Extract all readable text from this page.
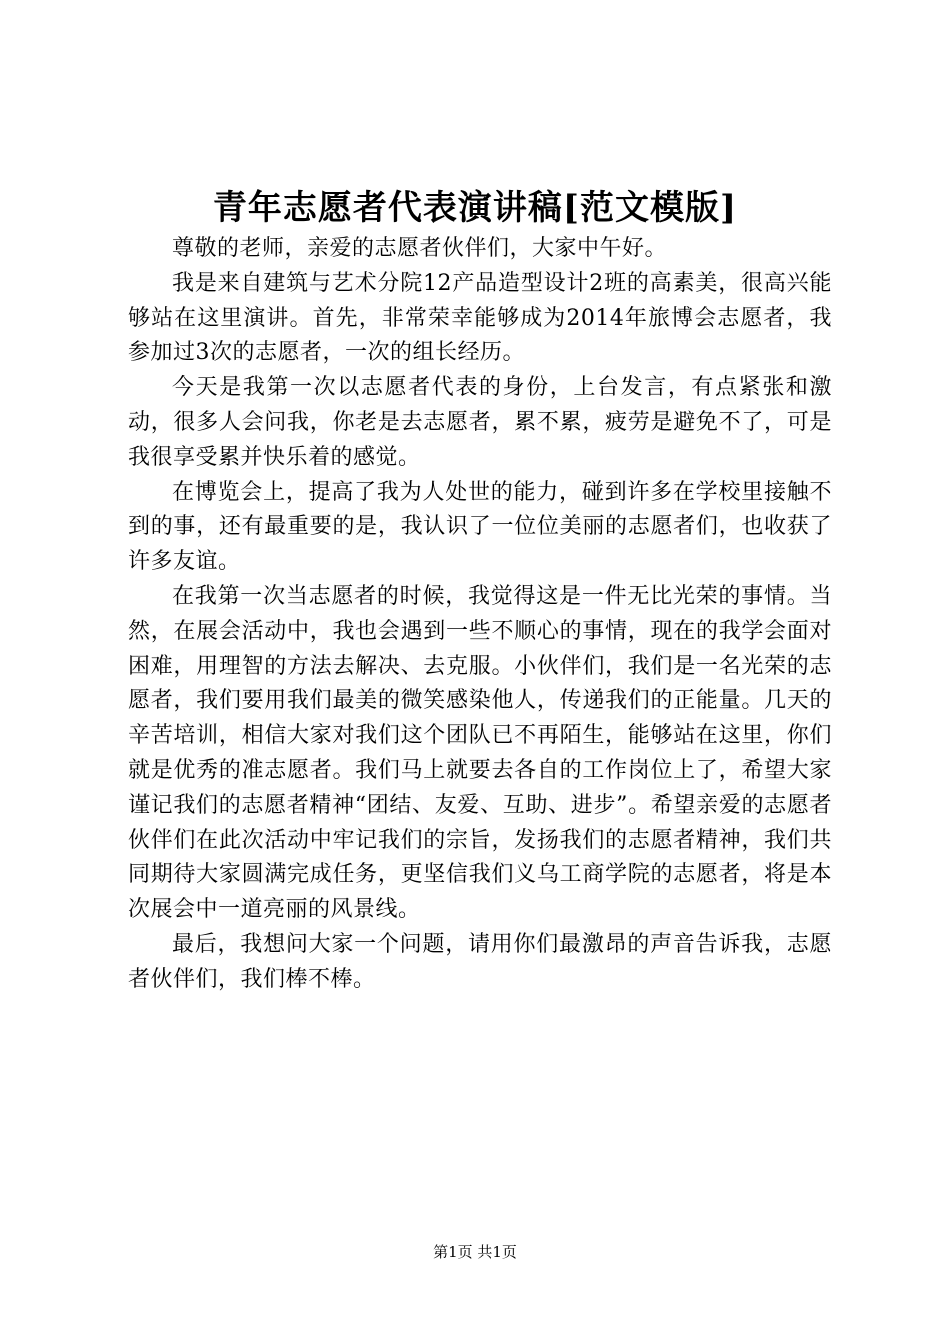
青年志愿者代表演讲稿[范文模版]

尊敬的老师，亲爱的志愿者伙伴们，大家中午好。

我是来自建筑与艺术分院12产品造型设计2班的高素美，很高兴能够站在这里演讲。首先，非常荣幸能够成为2014年旅博会志愿者，我参加过3次的志愿者，一次的组长经历。

今天是我第一次以志愿者代表的身份，上台发言，有点紧张和激动，很多人会问我，你老是去志愿者，累不累，疲劳是避免不了，可是我很享受累并快乐着的感觉。

在博览会上，提高了我为人处世的能力，碰到许多在学校里接触不到的事，还有最重要的是，我认识了一位位美丽的志愿者们，也收获了许多友谊。

在我第一次当志愿者的时候，我觉得这是一件无比光荣的事情。当然，在展会活动中，我也会遇到一些不顺心的事情，现在的我学会面对困难，用理智的方法去解决、去克服。小伙伴们，我们是一名光荣的志愿者，我们要用我们最美的微笑感染他人，传递我们的正能量。几天的辛苦培训，相信大家对我们这个团队已不再陌生，能够站在这里，你们就是优秀的准志愿者。我们马上就要去各自的工作岗位上了，希望大家谨记我们的志愿者精神“团结、友爱、互助、进步”。希望亲爱的志愿者伙伴们在此次活动中牢记我们的宗旨，发扬我们的志愿者精神，我们共同期待大家圆满完成任务，更坚信我们义乌工商学院的志愿者，将是本次展会中一道亮丽的风景线。

最后，我想问大家一个问题，请用你们最激昂的声音告诉我，志愿者伙伴们，我们棒不棒。

第1页 共1页
